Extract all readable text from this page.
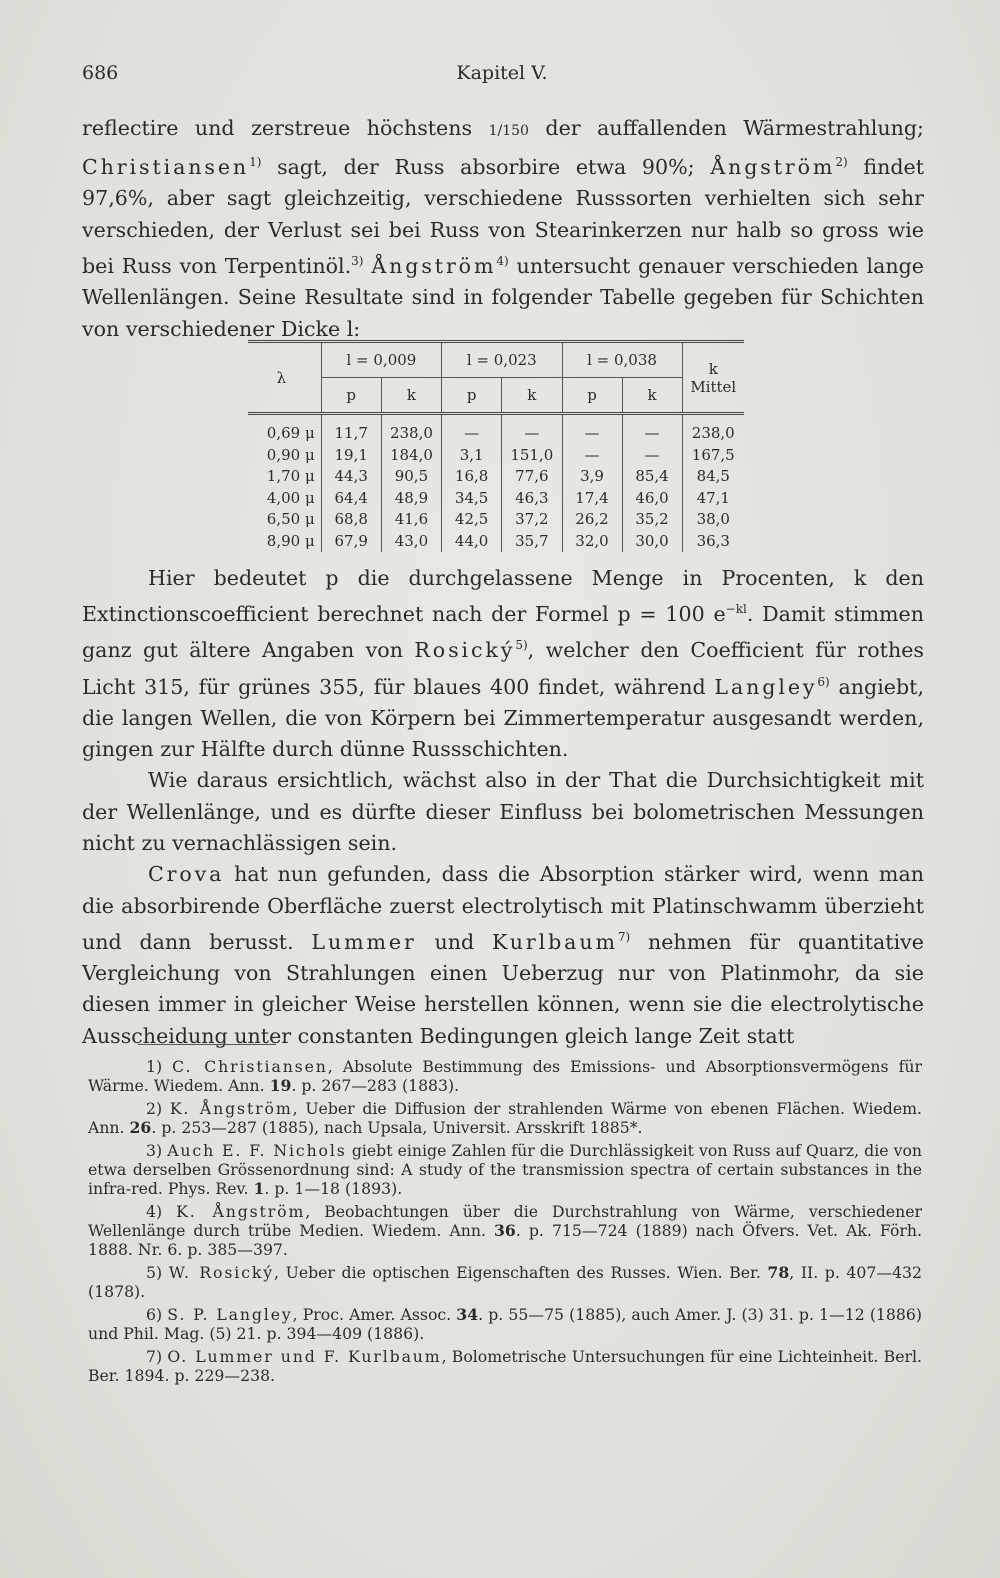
686	Kapitel V.

reflectire und zerstreue höchstens 1/150 der auffallenden Wärmestrahlung; Christiansen$^{1)}$ sagt, der Russ absorbire etwa 90%; Ångström$^{2)}$ findet 97,6%, aber sagt gleichzeitig, verschiedene Russsorten verhielten sich sehr verschieden, der Verlust sei bei Russ von Stearinkerzen nur halb so gross wie bei Russ von Terpentinöl.$^{3)}$ Ångström$^{4)}$ untersucht genauer verschieden lange Wellenlängen. Seine Resultate sind in folgender Tabelle gegeben für Schichten von verschiedener Dicke l:

λ	l = 0,009		l = 0,023		l = 0,038		k
Mittel

	p	k	p	k	p	k	
0,69 μ	11,7	238,0	—	—	—	—	238,0
0,90 μ	19,1	184,0	3,1	151,0	—	—	167,5
1,70 μ	44,3	90,5	16,8	77,6	3,9	85,4	84,5
4,00 μ	64,4	48,9	34,5	46,3	17,4	46,0	47,1
6,50 μ	68,8	41,6	42,5	37,2	26,2	35,2	38,0
8,90 μ	67,9	43,0	44,0	35,7	32,0	30,0	36,3

Hier bedeutet p die durchgelassene Menge in Procenten, k den Extinctionscoefficient berechnet nach der Formel p = 100 $e^{-kl}$. Damit stimmen ganz gut ältere Angaben von Rosický$^{5)}$, welcher den Coefficient für rothes Licht 315, für grünes 355, für blaues 400 findet, während Langley$^{6)}$ angiebt, die langen Wellen, die von Körpern bei Zimmertemperatur ausgesandt werden, gingen zur Hälfte durch dünne Russschichten.

Wie daraus ersichtlich, wächst also in der That die Durchsichtigkeit mit der Wellenlänge, und es dürfte dieser Einfluss bei bolometrischen Messungen nicht zu vernachlässigen sein.

Crova hat nun gefunden, dass die Absorption stärker wird, wenn man die absorbirende Oberfläche zuerst electrolytisch mit Platinschwamm überzieht und dann berusst. Lummer und Kurlbaum$^{7)}$ nehmen für quantitative Vergleichung von Strahlungen einen Ueberzug nur von Platinmohr, da sie diesen immer in gleicher Weise herstellen können, wenn sie die electrolytische Ausscheidung unter constanten Bedingungen gleich lange Zeit statt

1) C. Christiansen, Absolute Bestimmung des Emissions- und Absorptionsvermögens für Wärme. Wiedem. Ann. 19. p. 267—283 (1883).

2) K. Ångström, Ueber die Diffusion der strahlenden Wärme von ebenen Flächen. Wiedem. Ann. 26. p. 253—287 (1885), nach Upsala, Universit. Arsskrift 1885*.

3) Auch E. F. Nichols giebt einige Zahlen für die Durchlässigkeit von Russ auf Quarz, die von etwa derselben Grössenordnung sind: A study of the transmission spectra of certain substances in the infra-red. Phys. Rev. 1. p. 1—18 (1893).

4) K. Ångström, Beobachtungen über die Durchstrahlung von Wärme, verschiedener Wellenlänge durch trübe Medien. Wiedem. Ann. 36. p. 715—724 (1889) nach Öfvers. Vet. Ak. Förh. 1888. Nr. 6. p. 385—397.

5) W. Rosický, Ueber die optischen Eigenschaften des Russes. Wien. Ber. 78, II. p. 407—432 (1878).

6) S. P. Langley, Proc. Amer. Assoc. 34. p. 55—75 (1885), auch Amer. J. (3) 31. p. 1—12 (1886) und Phil. Mag. (5) 21. p. 394—409 (1886).

7) O. Lummer und F. Kurlbaum, Bolometrische Untersuchungen für eine Lichteinheit. Berl. Ber. 1894. p. 229—238.
